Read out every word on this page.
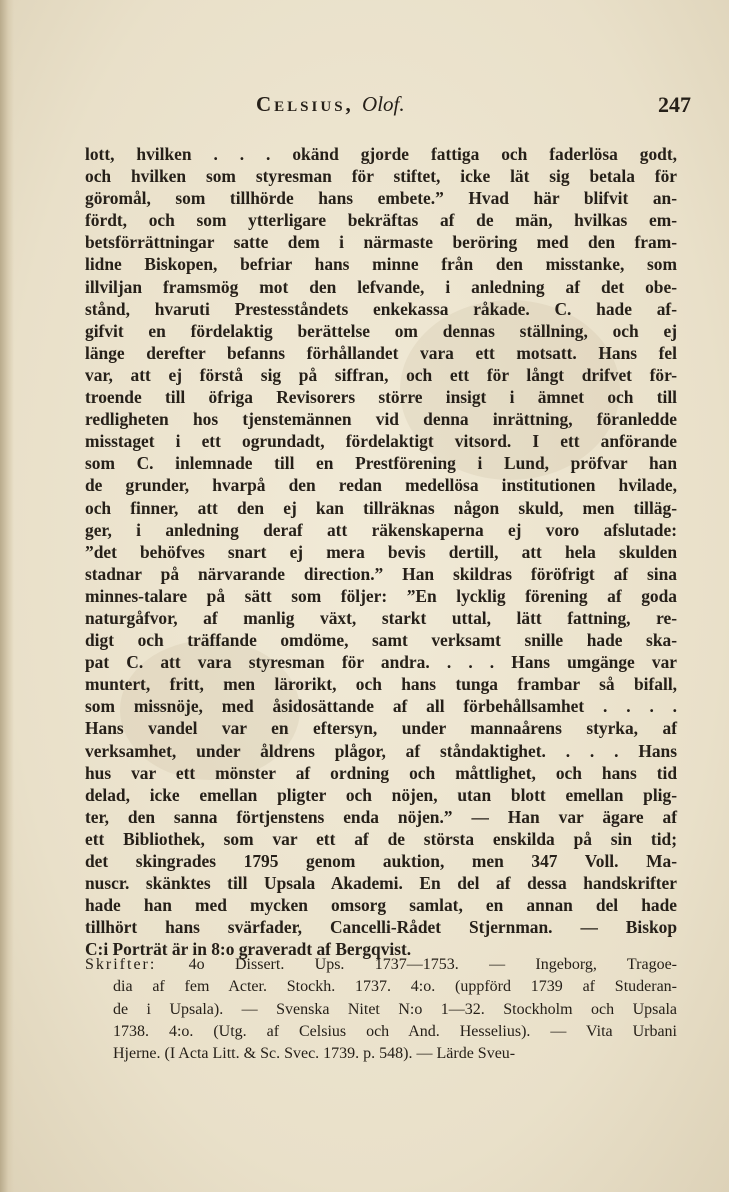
Celsius, Olof.	247
lott, hvilken . . . okänd gjorde fattiga och faderlösa godt,
och hvilken som styresman för stiftet, icke lät sig betala för
göromål, som tillhörde hans embete.” Hvad här blifvit an-
fördt, och som ytterligare bekräftas af de män, hvilkas em-
betsförrättningar satte dem i närmaste beröring med den fram-
lidne Biskopen, befriar hans minne från den misstanke, som
illviljan framsmög mot den lefvande, i anledning af det obe-
stånd, hvaruti Prestesståndets enkekassa råkade. C. hade af-
gifvit en fördelaktig berättelse om dennas ställning, och ej
länge derefter befanns förhållandet vara ett motsatt. Hans fel
var, att ej förstå sig på siffran, och ett för långt drifvet för-
troende till öfriga Revisorers större insigt i ämnet och till
redligheten hos tjenstemännen vid denna inrättning, föranledde
misstaget i ett ogrundadt, fördelaktigt vitsord. I ett anförande
som C. inlemnade till en Prestförening i Lund, pröfvar han
de grunder, hvarpå den redan medellösa institutionen hvilade,
och finner, att den ej kan tillräknas någon skuld, men tilläg-
ger, i anledning deraf att räkenskaperna ej voro afslutade:
”det behöfves snart ej mera bevis dertill, att hela skulden
stadnar på närvarande direction.” Han skildras föröfrigt af sina
minnes-talare på sätt som följer: ”En lycklig förening af goda
naturgåfvor, af manlig växt, starkt uttal, lätt fattning, re-
digt och träffande omdöme, samt verksamt snille hade ska-
pat C. att vara styresman för andra. . . . Hans umgänge var
muntert, fritt, men lärorikt, och hans tunga frambar så bifall,
som missnöje, med åsidosättande af all förbehållsamhet . . . .
Hans vandel var en eftersyn, under mannaårens styrka, af
verksamhet, under åldrens plågor, af ståndaktighet. . . . Hans
hus var ett mönster af ordning och måttlighet, och hans tid
delad, icke emellan pligter och nöjen, utan blott emellan plig-
ter, den sanna förtjenstens enda nöjen.” — Han var ägare af
ett Bibliothek, som var ett af de största enskilda på sin tid;
det skingrades 1795 genom auktion, men 347 Voll. Ma-
nuscr. skänktes till Upsala Akademi. En del af dessa handskrifter
hade han med mycken omsorg samlat, en annan del hade
tillhört hans svärfader, Cancelli-Rådet Stjernman. — Biskop
C:i Porträt är in 8:o graveradt af Bergqvist.
Skrifter: 4o Dissert. Ups. 1737—1753. — Ingeborg, Tragoe-
dia af fem Acter. Stockh. 1737. 4:o. (uppförd 1739 af Studeran-
de i Upsala). — Svenska Nitet N:o 1—32. Stockholm och Upsala
1738. 4:o. (Utg. af Celsius och And. Hesselius). — Vita Urbani
Hjerne. (I Acta Litt. & Sc. Svec. 1739. p. 548). — Lärde Sveu-
